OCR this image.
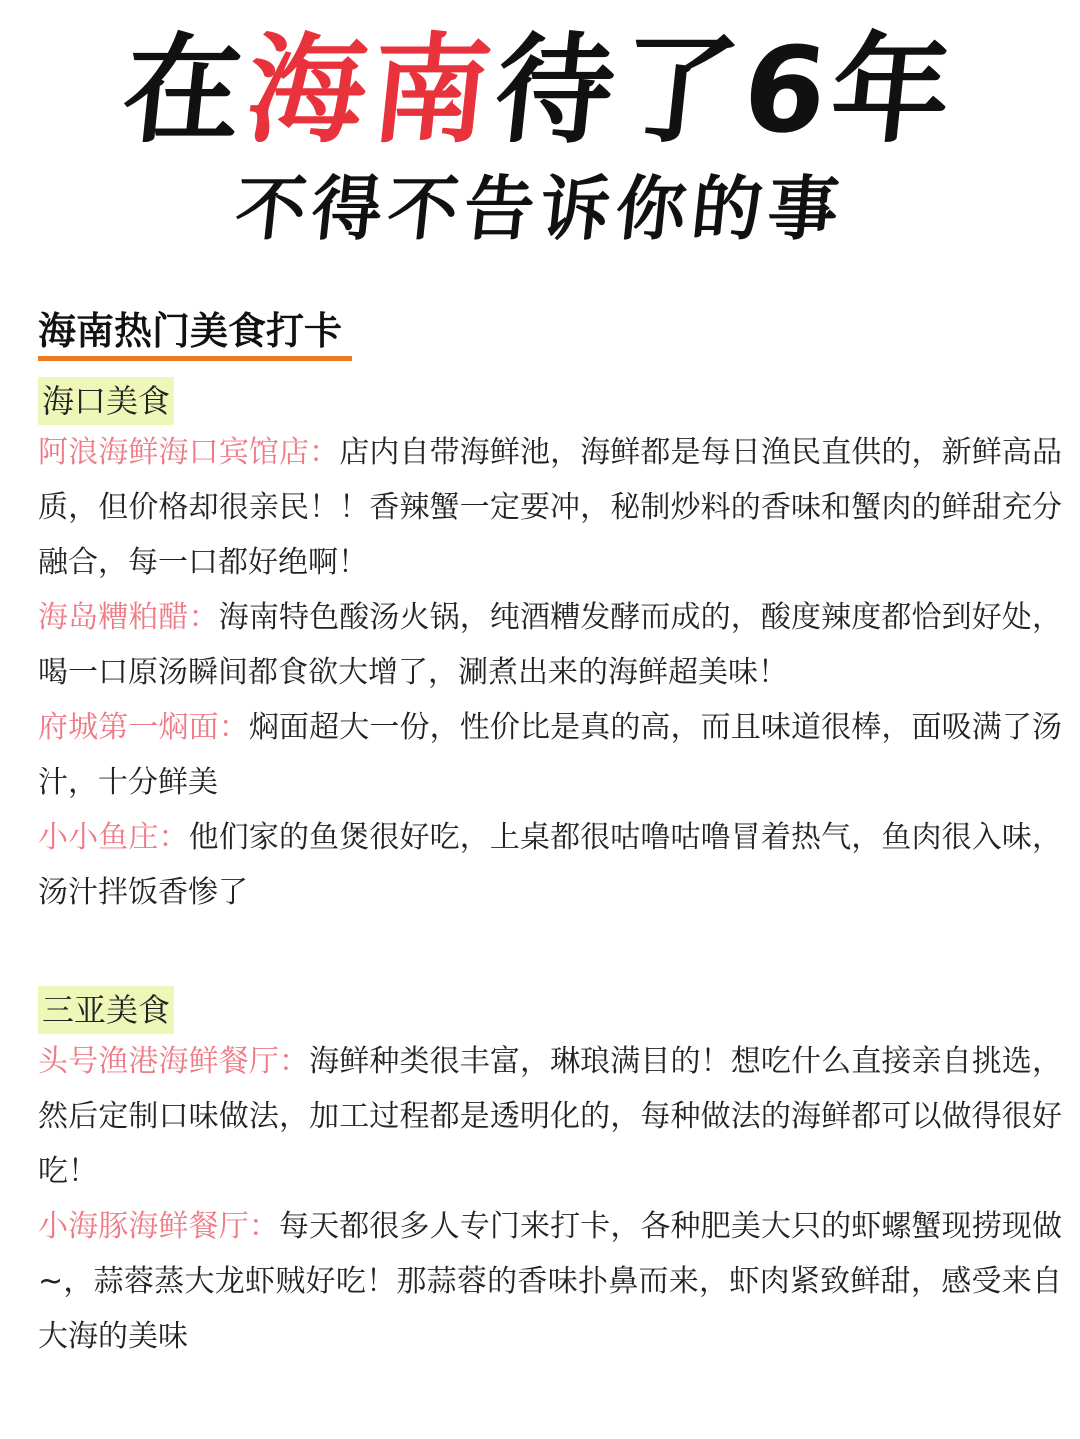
在海南待了6年
不得不告诉你的事
海南热门美食打卡
海口美食
阿浪海鲜海口宾馆店：店内自带海鲜池，海鲜都是每日渔民直供的，新鲜高品质，但价格却很亲民！！香辣蟹一定要冲，秘制炒料的香味和蟹肉的鲜甜充分融合，每一口都好绝啊！
海岛糟粕醋：海南特色酸汤火锅，纯酒糟发酵而成的，酸度辣度都恰到好处，喝一口原汤瞬间都食欲大增了，涮煮出来的海鲜超美味！
府城第一焖面：焖面超大一份，性价比是真的高，而且味道很棒，面吸满了汤汁，十分鲜美
小小鱼庄：他们家的鱼煲很好吃，上桌都很咕噜咕噜冒着热气，鱼肉很入味，汤汁拌饭香惨了
三亚美食
头号渔港海鲜餐厅：海鲜种类很丰富，琳琅满目的！想吃什么直接亲自挑选，然后定制口味做法，加工过程都是透明化的，每种做法的海鲜都可以做得很好吃！
小海豚海鲜餐厅：每天都很多人专门来打卡，各种肥美大只的虾螺蟹现捞现做~，蒜蓉蒸大龙虾贼好吃！那蒜蓉的香味扑鼻而来，虾肉紧致鲜甜，感受来自大海的美味
